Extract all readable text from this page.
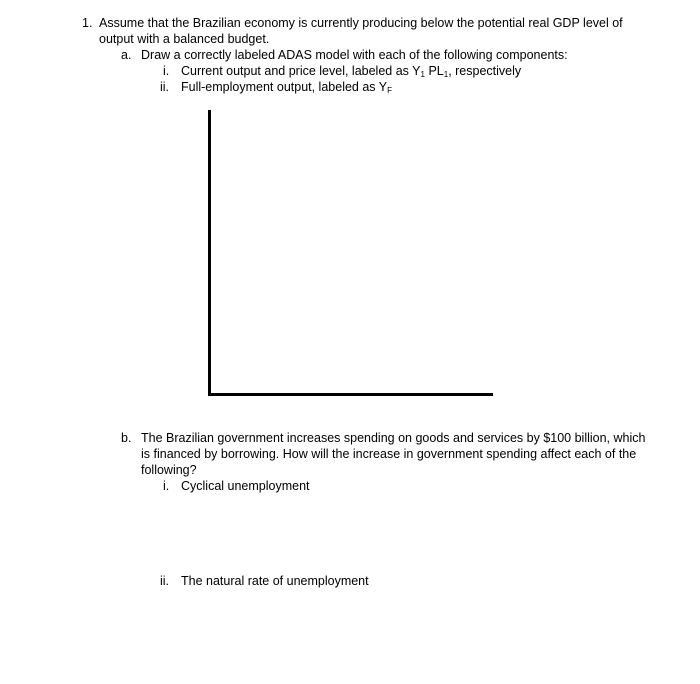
1. Assume that the Brazilian economy is currently producing below the potential real GDP level of
output with a balanced budget.
a. Draw a correctly labeled ADAS model with each of the following components:
i. Current output and price level, labeled as $Y_1$ $PL_1$, respectively
ii. Full-employment output, labeled as $Y_F$
b. The Brazilian government increases spending on goods and services by $100 billion, which
is financed by borrowing. How will the increase in government spending affect each of the
following?
i. Cyclical unemployment
ii. The natural rate of unemployment
